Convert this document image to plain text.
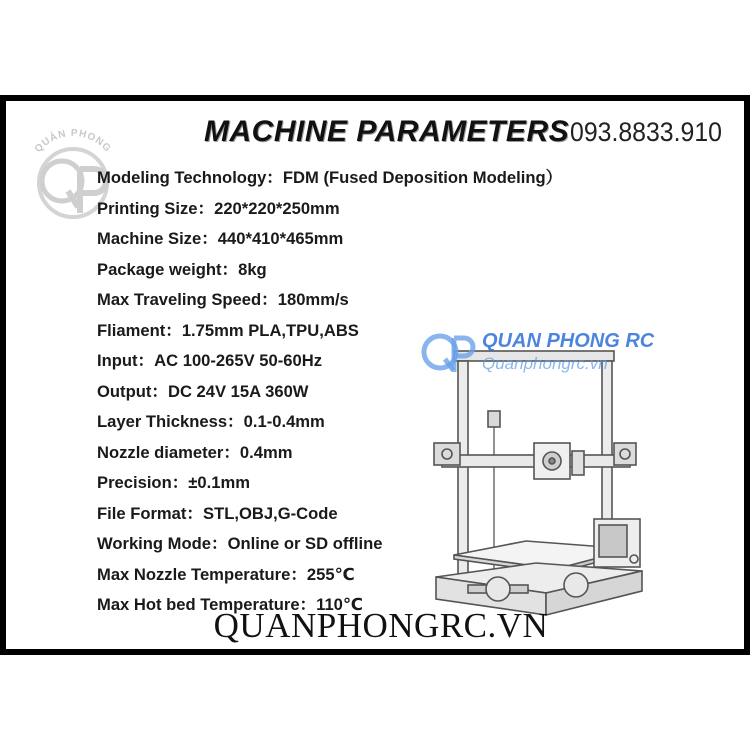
QUẢN PHONG	MACHINE PARAMETERS 093.8833.910
Modeling Technology：FDM (Fused Deposition Modeling）
Printing Size：220*220*250mm
Machine Size：440*410*465mm
Package weight：8kg
Max Traveling Speed：180mm/s
Fliament：1.75mm PLA,TPU,ABS
Input：AC 100-265V 50-60Hz
Output：DC 24V 15A 360W
Layer Thickness：0.1-0.4mm
Nozzle diameter：0.4mm
Precision：±0.1mm
File Format：STL,OBJ,G-Code
Working Mode：Online or SD offline
Max Nozzle Temperature：255℃
Max Hot bed Temperature：110℃
QUAN PHONG RC
Quanphongrc.vn
QUANPHONGRC.VN
